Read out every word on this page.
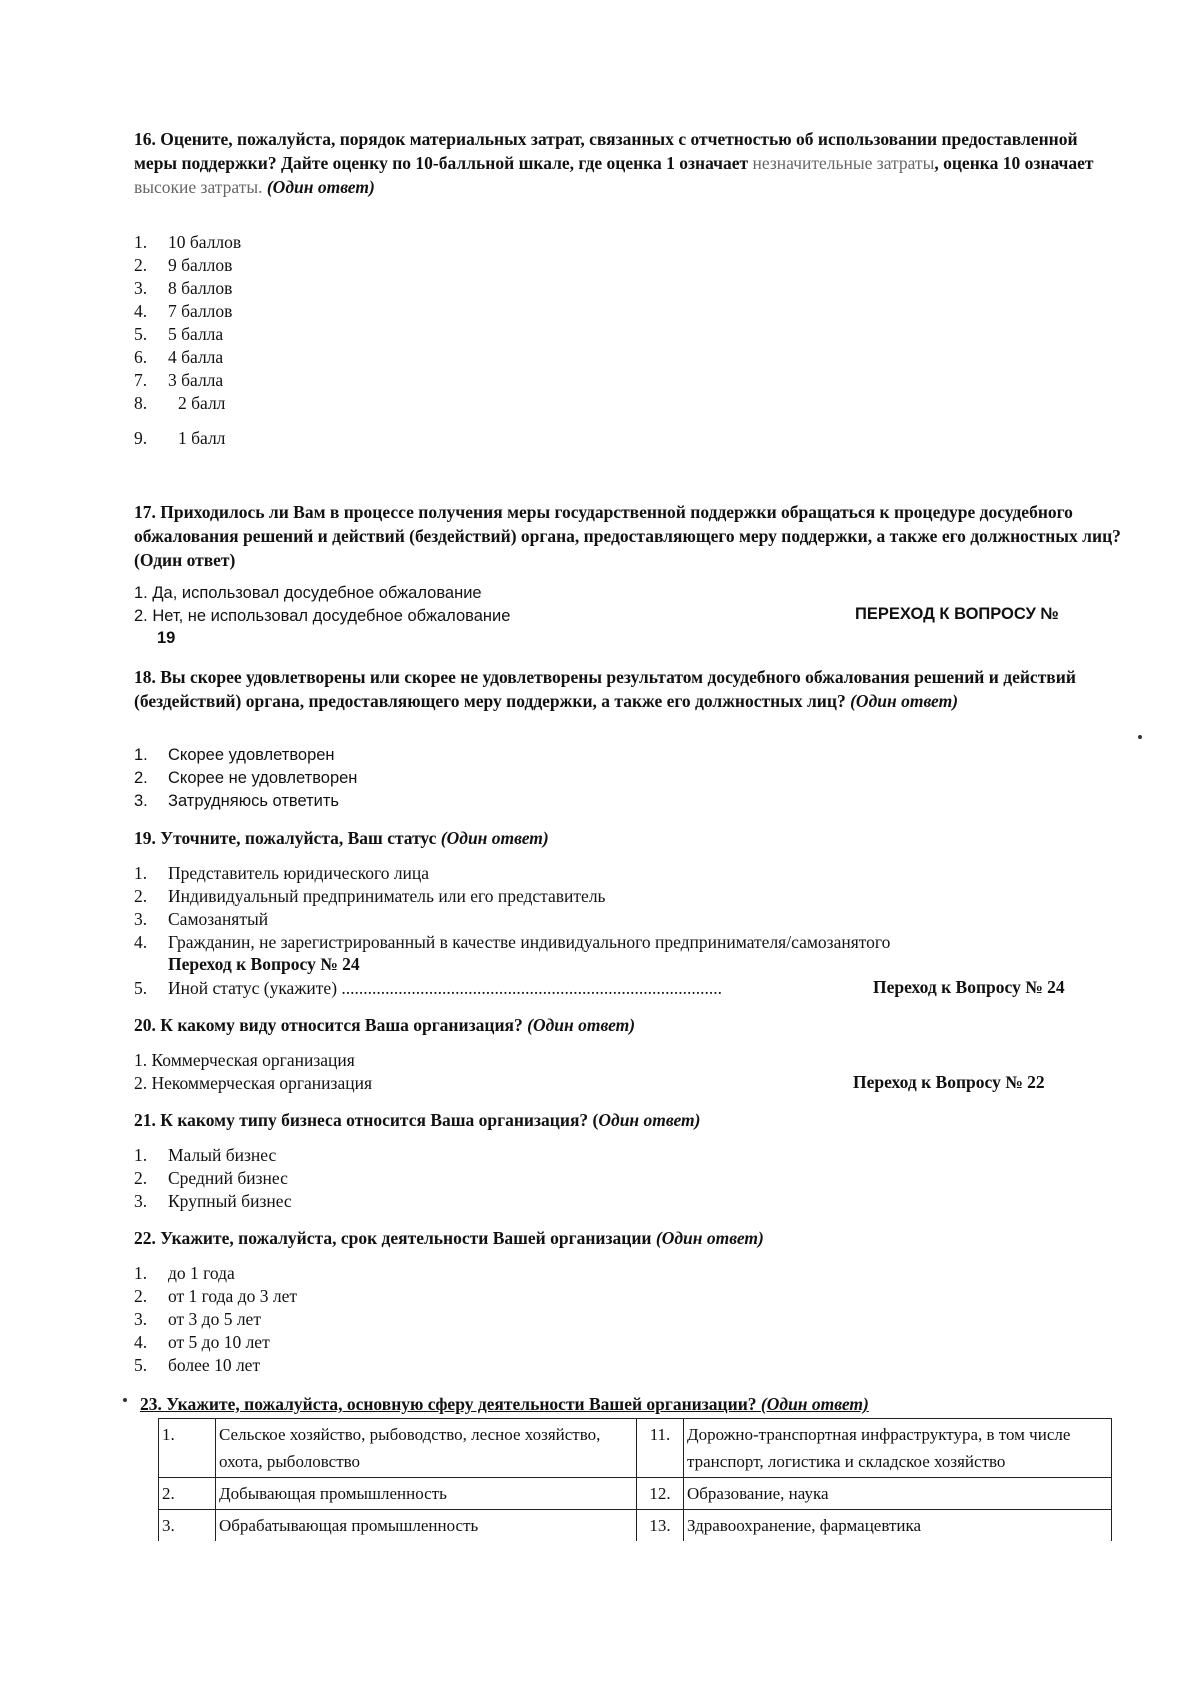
16. Оцените, пожалуйста, порядок материальных затрат, связанных с отчетностью об использовании предоставленной меры поддержки? Дайте оценку по 10-балльной шкале, где оценка 1 означает незначительные затраты, оценка 10 означает высокие затраты. (Один ответ)
1. 10 баллов
2. 9 баллов
3. 8 баллов
4. 7 баллов
5. 5 балла
6. 4 балла
7. 3 балла
8. 2 балл
9. 1 балл
17. Приходилось ли Вам в процессе получения меры государственной поддержки обращаться к процедуре досудебного обжалования решений и действий (бездействий) органа, предоставляющего меру поддержки, а также его должностных лиц? (Один ответ)
1. Да, использовал досудебное обжалование
2. Нет, не использовал досудебное обжалование	ПЕРЕХОД К ВОПРОСУ №
19
18. Вы скорее удовлетворены или скорее не удовлетворены результатом досудебного обжалования решений и действий (бездействий) органа, предоставляющего меру поддержки, а также его должностных лиц? (Один ответ)
1. Скорее удовлетворен
2. Скорее не удовлетворен
3. Затрудняюсь ответить
19. Уточните, пожалуйста, Ваш статус (Один ответ)
1. Представитель юридического лица
2. Индивидуальный предприниматель или его представитель
3. Самозанятый
4. Гражданин, не зарегистрированный в качестве индивидуального предпринимателя/самозанятого
Переход к Вопросу № 24
5. Иной статус (укажите) .......................................................................................	Переход к Вопросу № 24
20. К какому виду относится Ваша организация? (Один ответ)
1. Коммерческая организация
2. Некоммерческая организация	Переход к Вопросу № 22
21. К какому типу бизнеса относится Ваша организация? (Один ответ)
1. Малый бизнес
2. Средний бизнес
3. Крупный бизнес
22. Укажите, пожалуйста, срок деятельности Вашей организации (Один ответ)
1. до 1 года
2. от 1 года до 3 лет
3. от 3 до 5 лет
4. от 5 до 10 лет
5. более 10 лет
23. Укажите, пожалуйста, основную сферу деятельности Вашей организации? (Один ответ)
1.	Сельское хозяйство, рыбоводство, лесное хозяйство, охота, рыболовство	11.	Дорожно-транспортная инфраструктура, в том числе транспорт, логистика и складское хозяйство
2.	Добывающая промышленность	12.	Образование, наука
3.	Обрабатывающая промышленность	13.	Здравоохранение, фармацевтика
